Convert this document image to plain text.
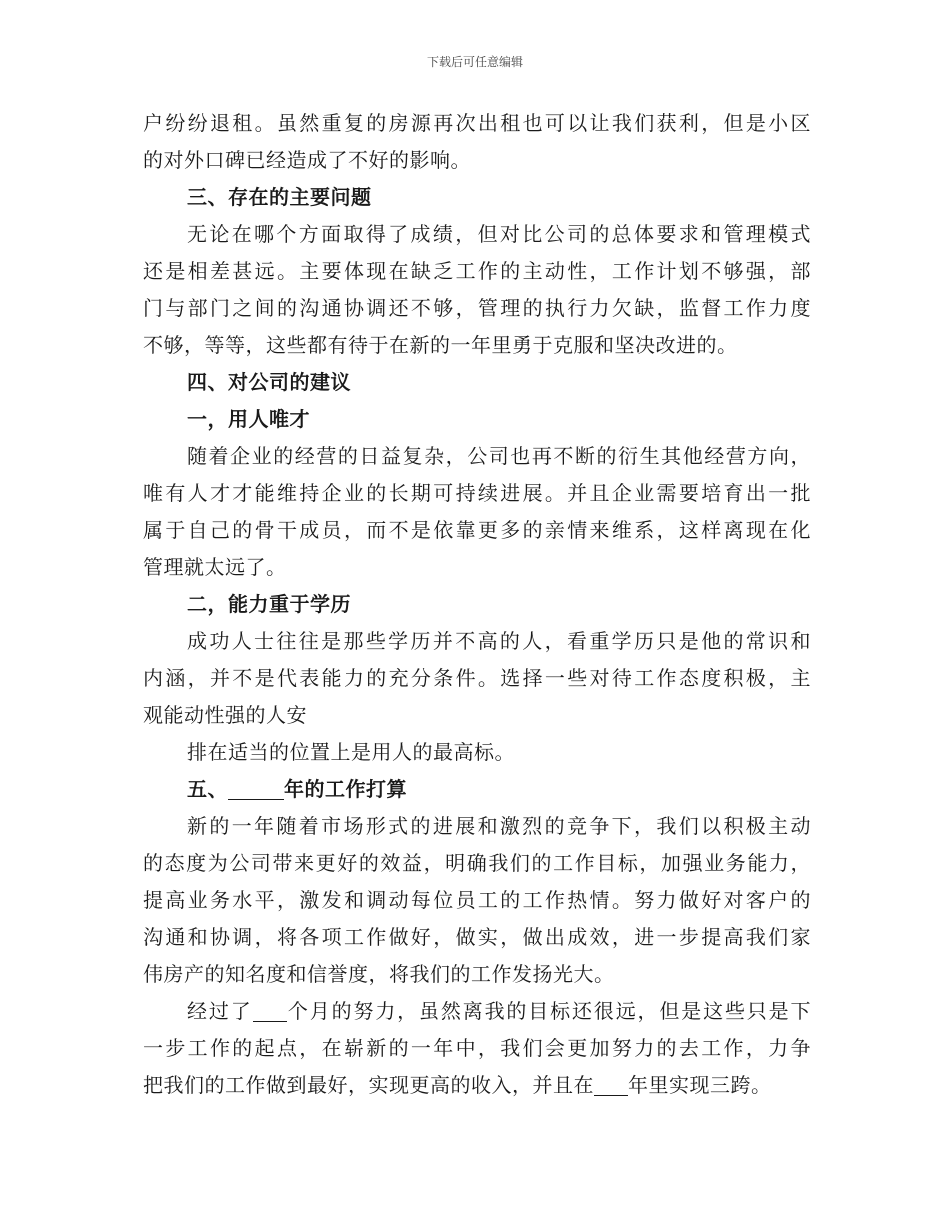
下载后可任意编辑
户纷纷退租。虽然重复的房源再次出租也可以让我们获利，但是小区
的对外口碑已经造成了不好的影响。
三、存在的主要问题
无论在哪个方面取得了成绩，但对比公司的总体要求和管理模式
还是相差甚远。主要体现在缺乏工作的主动性，工作计划不够强，部
门与部门之间的沟通协调还不够，管理的执行力欠缺，监督工作力度
不够，等等，这些都有待于在新的一年里勇于克服和坚决改进的。
四、对公司的建议
一，用人唯才
随着企业的经营的日益复杂，公司也再不断的衍生其他经营方向，
唯有人才才能维持企业的长期可持续进展。并且企业需要培育出一批
属于自己的骨干成员，而不是依靠更多的亲情来维系，这样离现在化
管理就太远了。
二，能力重于学历
成功人士往往是那些学历并不高的人，看重学历只是他的常识和
内涵，并不是代表能力的充分条件。选择一些对待工作态度积极，主
观能动性强的人安
排在适当的位置上是用人的最高标。
五、	年的工作打算
新的一年随着市场形式的进展和激烈的竞争下，我们以积极主动
的态度为公司带来更好的效益，明确我们的工作目标，加强业务能力，
提高业务水平，激发和调动每位员工的工作热情。努力做好对客户的
沟通和协调，将各项工作做好，做实，做出成效，进一步提高我们家
伟房产的知名度和信誉度，将我们的工作发扬光大。
经过了 个月的努力，虽然离我的目标还很远，但是这些只是下
一步工作的起点，在崭新的一年中，我们会更加努力的去工作，力争
把我们的工作做到最好，实现更高的收入，并且在 年里实现三跨。
